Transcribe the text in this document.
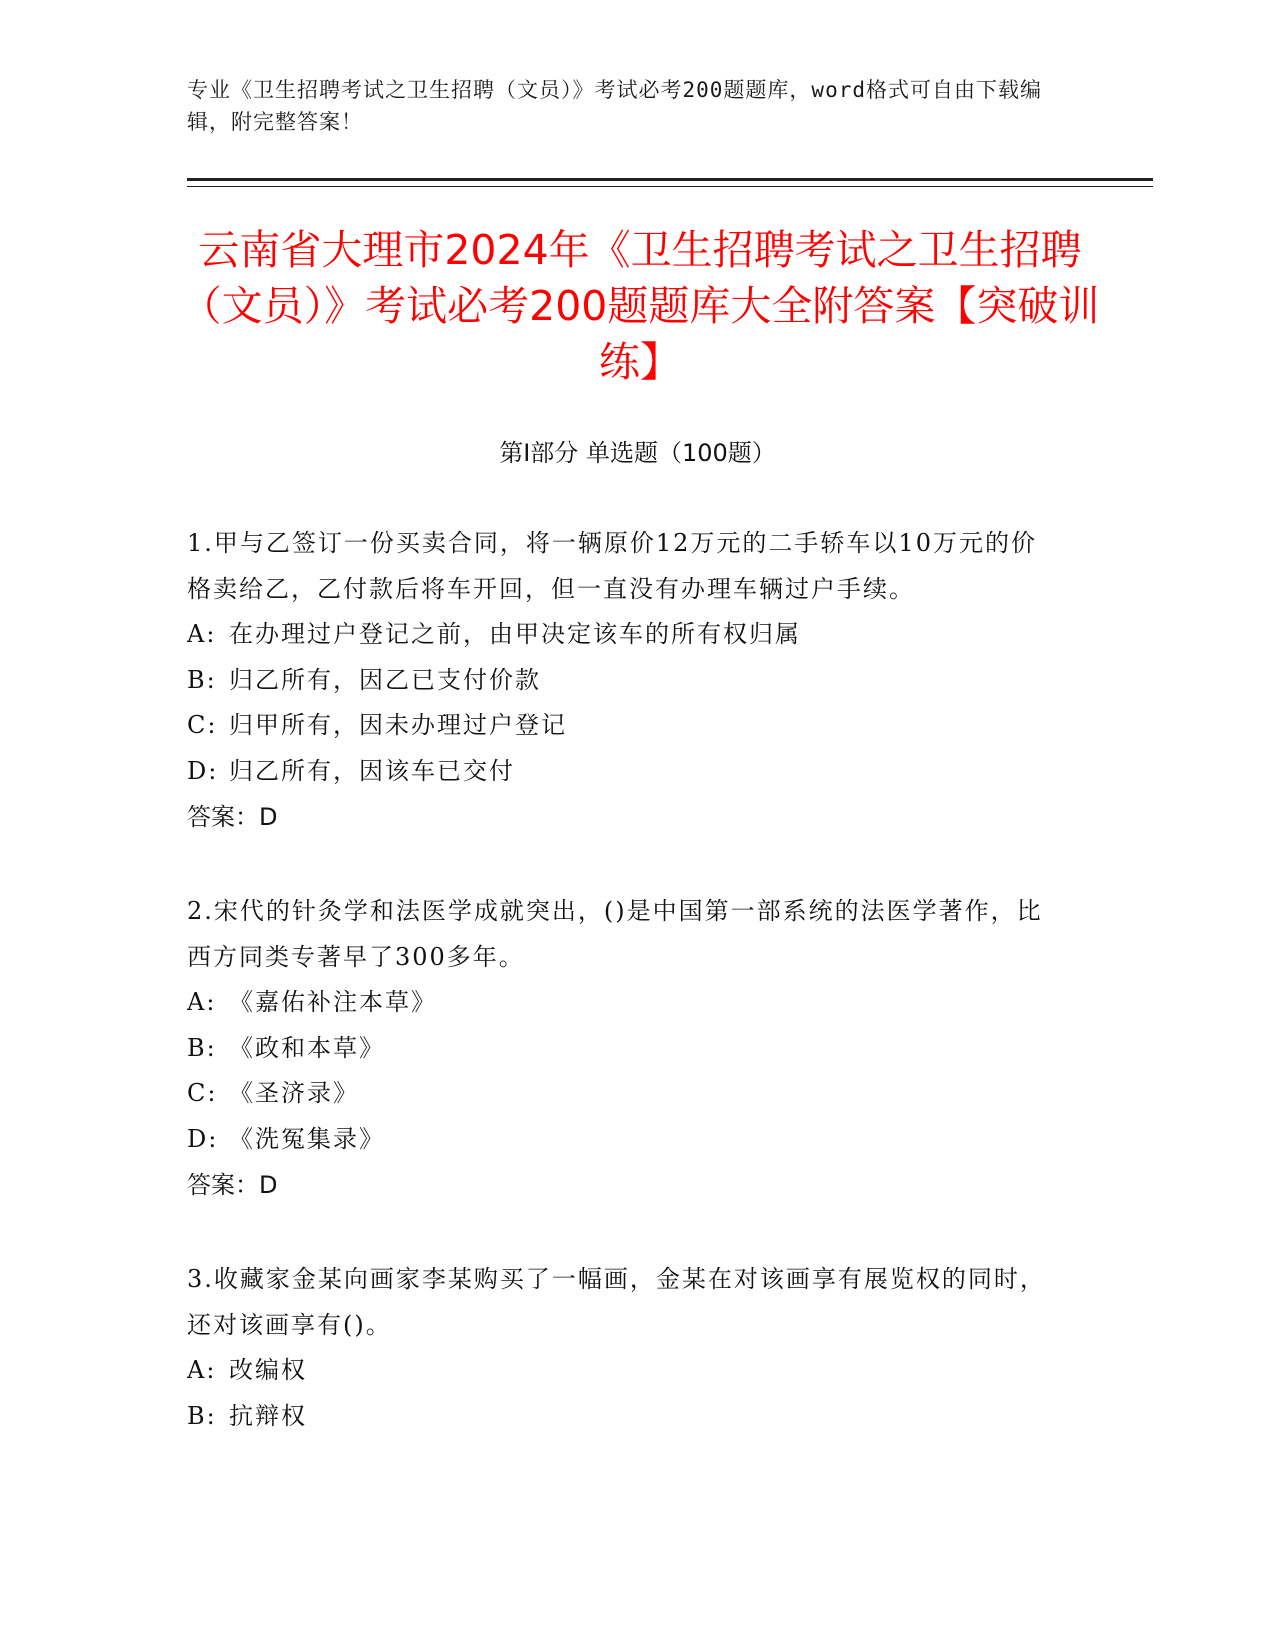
专业《卫生招聘考试之卫生招聘（文员）》考试必考200题题库，word格式可自由下载编辑，附完整答案！
云南省大理市2024年《卫生招聘考试之卫生招聘（文员）》考试必考200题题库大全附答案【突破训练】
第Ⅰ部分 单选题（100题）

1.甲与乙签订一份买卖合同，将一辆原价12万元的二手轿车以10万元的价格卖给乙，乙付款后将车开回，但一直没有办理车辆过户手续。

A: 在办理过户登记之前，由甲决定该车的所有权归属

B: 归乙所有，因乙已支付价款

C: 归甲所有，因未办理过户登记

D: 归乙所有，因该车已交付

答案：D

2.宋代的针灸学和法医学成就突出，()是中国第一部系统的法医学著作，比西方同类专著早了300多年。

A: 《嘉佑补注本草》

B: 《政和本草》

C: 《圣济录》

D: 《洗冤集录》

答案：D

3.收藏家金某向画家李某购买了一幅画，金某在对该画享有展览权的同时，还对该画享有()。

A: 改编权

B: 抗辩权
